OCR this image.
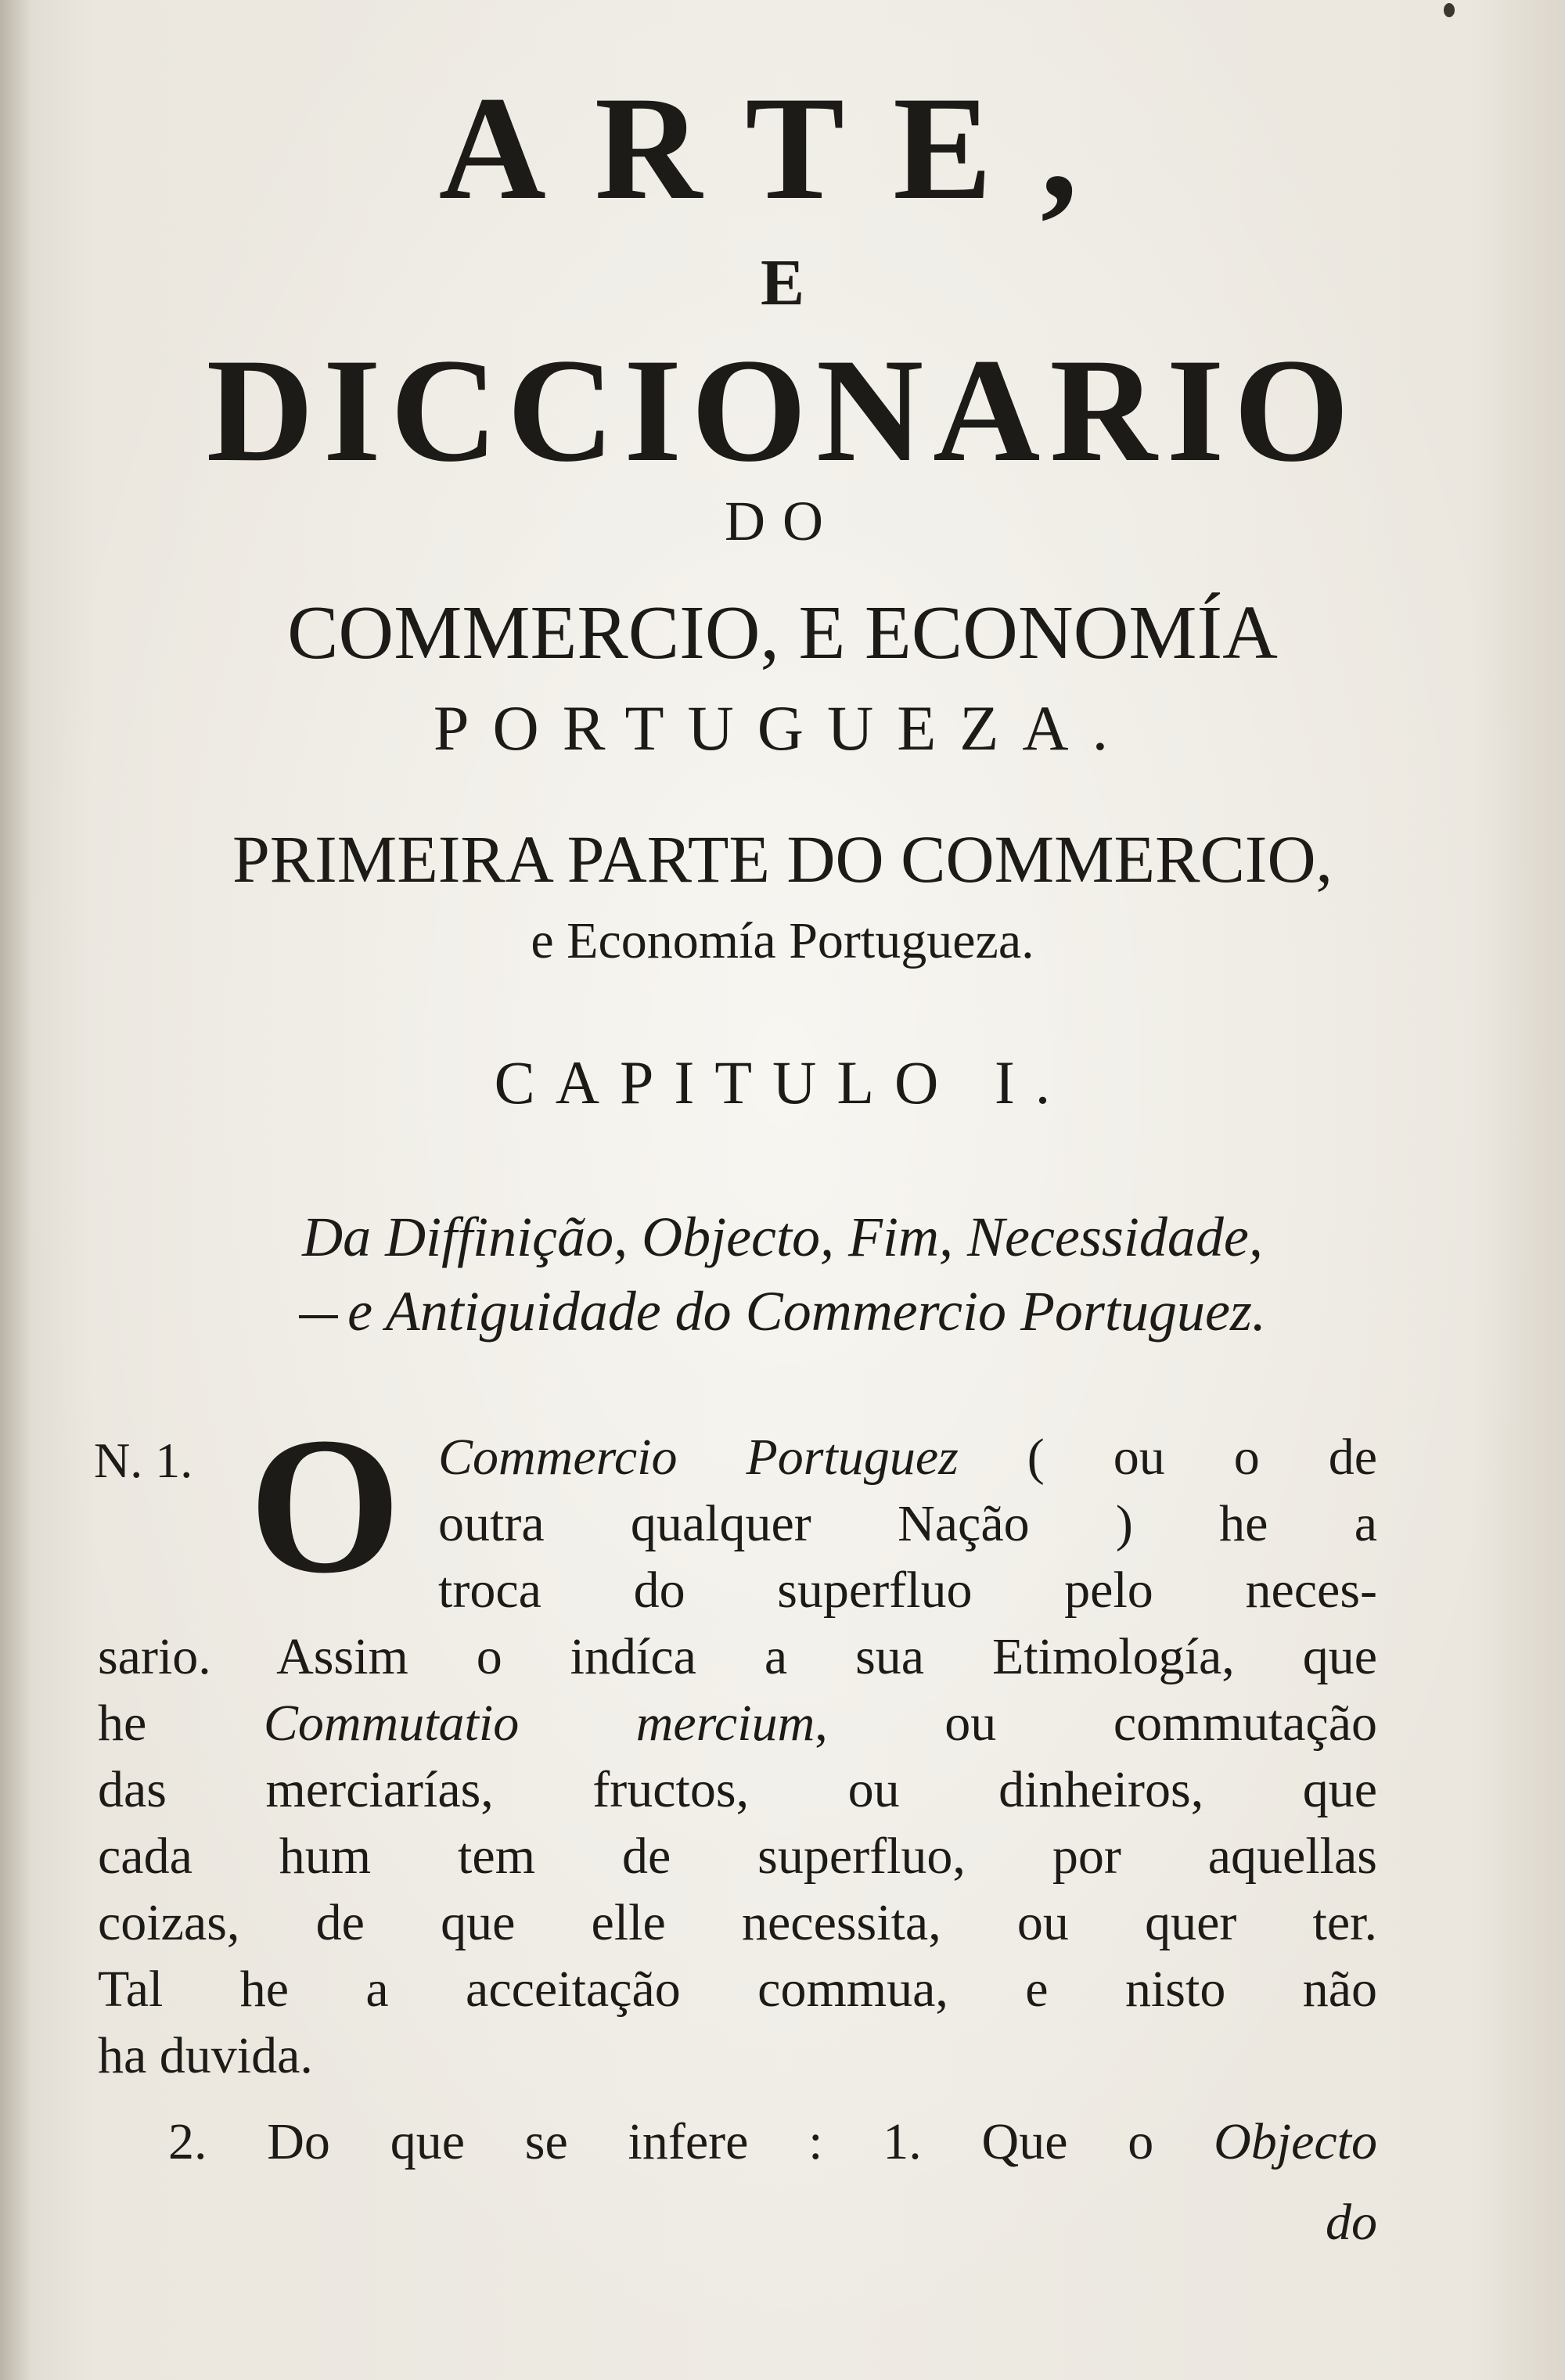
ARTE,

E

DICCIONARIO

DO

COMMERCIO, E ECONOMÍA

PORTUGUEZA.

PRIMEIRA PARTE DO COMMERCIO,

e Economía Portugueza.

CAPITULO I.

Da Diffinição, Objecto, Fim, Necessidade,

e Antiguidade do Commercio Portuguez.

N. 1. O Commercio Portuguez ( ou o de
outra qualquer Nação ) he a
troca do superfluo pelo neces-
sario. Assim o indíca a sua Etimología, que
he Commutatio mercium, ou commutação
das merciarías, fructos, ou dinheiros, que
cada hum tem de superfluo, por aquellas
coizas, de que elle necessita, ou quer ter.
Tal he a acceitação commua, e nisto não
ha duvida.
2. Do que se infere : 1. Que o Objecto
do
